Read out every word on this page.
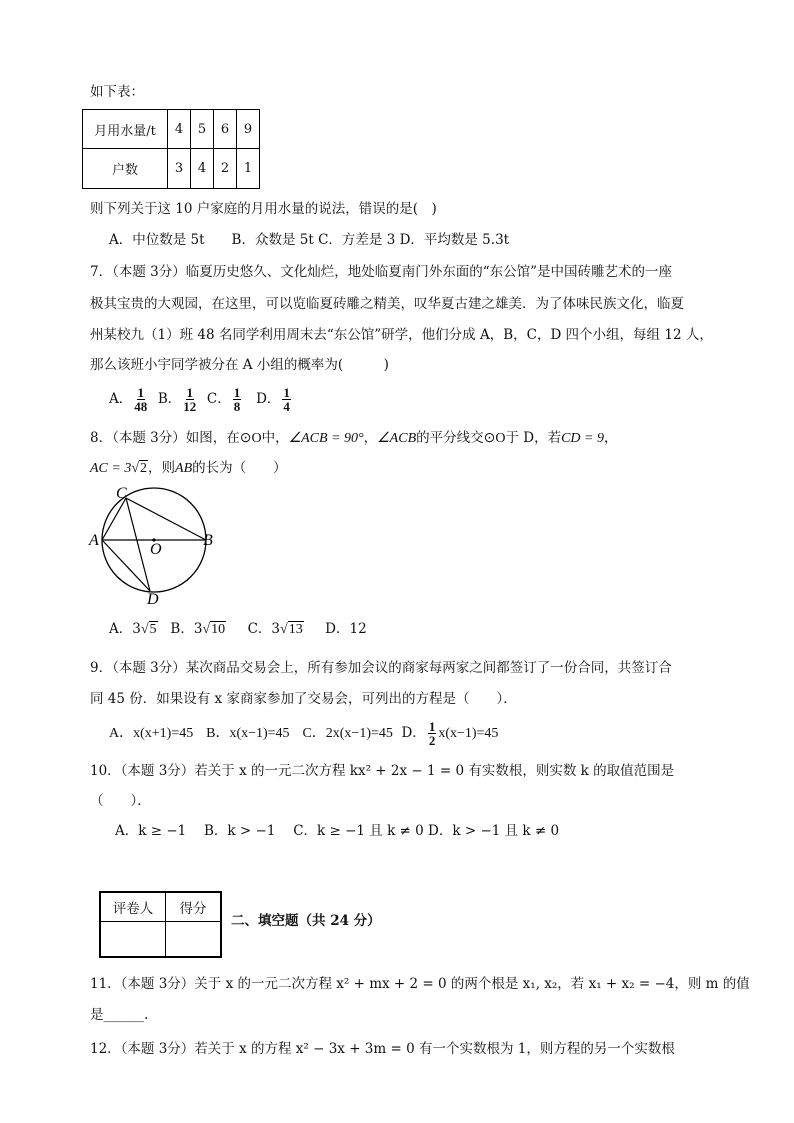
如下表：
月用水量/t	4	5	6	9
户数	3	4	2	1
则下列关于这 10 户家庭的月用水量的说法，错误的是(　)
A．中位数是 5t　　B．众数是 5t C．方差是 3 D．平均数是 5.3t
7．（本题 3分）临夏历史悠久、文化灿烂，地处临夏南门外东面的“东公馆”是中国砖雕艺术的一座
极其宝贵的大观园，在这里，可以览临夏砖雕之精美，叹华夏古建之雄美．为了体味民族文化，临夏
州某校九（1）班 48 名同学利用周末去“东公馆”研学，他们分成 A，B，C，D 四个小组，每组 12 人，
那么该班小宇同学被分在 A 小组的概率为(　　　)
A． $\frac{1}{48}$ B． $\frac{1}{12}$ C． $\frac{1}{8}$ D． $\frac{1}{4}$
8．（本题 3分）如图，在⊙O中，∠ACB = 90°，∠ACB的平分线交⊙O于 D，若CD = 9，
AC = 3√2，则AB的长为（　　）
C
A	B
O
D
A．3√5 B．3√10 C．3√13 D．12
9．（本题 3分）某次商品交易会上，所有参加会议的商家每两家之间都签订了一份合同，共签订合
同 45 份．如果设有 x 家商家参加了交易会，可列出的方程是（　　）．
A．x(x+1)=45 B．x(x−1)=45 C．2x(x−1)=45 D． $\frac{1}{2} x(x-1)=45$
10．（本题 3分）若关于 x 的一元二次方程 kx² + 2x − 1 = 0 有实数根，则实数 k 的取值范围是
（　　）．
A．k ≥ −1　 B．k > −1　 C．k ≥ −1 且 k ≠ 0 D．k > −1 且 k ≠ 0
评卷人	得分

二、填空题（共 24 分）
11．（本题 3分）关于 x 的一元二次方程 x² + mx + 2 = 0 的两个根是 x₁, x₂，若 x₁ + x₂ = −4，则 m 的值
是______.
12．（本题 3分）若关于 x 的方程 x² − 3x + 3m = 0 有一个实数根为 1，则方程的另一个实数根
